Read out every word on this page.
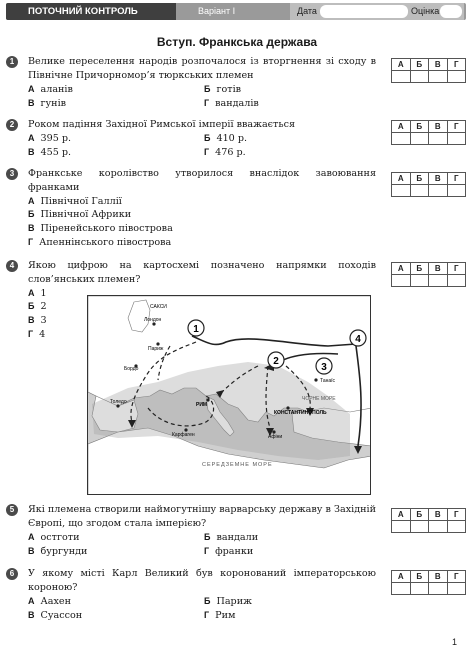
ПОТОЧНИЙ КОНТРОЛЬ	Варіант І	Дата	Оцінка
Вступ. Франкська держава
1	Велике переселення народів розпочалося із вторгнення зі сходу в Північне Причорномор’я тюркських племен
А аланів	Б готів
В гунів	Г вандалів
А	Б	В	Г

2	Роком падіння Західної Римської імперії вважається
А 395 р.	Б 410 р.
В 455 р.	Г 476 р.
А	Б	В	Г

3	Франкське королівство утворилося внаслідок завоювання франками
А Північної Галлії
Б Північної Африки
В Піренейського півострова
Г Апеннінського півострова
А	Б	В	Г

4	Якою цифрою на картосхемі позначено напрямки походів слов’янських племен?
А 1
Б 2
В 3
Г 4
А	Б	В	Г

1
2
3
4
Лондон
САКСИ
Париж
Бордо
Толедо	РИМ
Карфаген
КОНСТАНТИНОПОЛЬ
Афіни
Танаїс
СЕРЕДЗЕМНЕ МОРЕ
ЧОРНЕ МОРЕ
5	Які племена створили наймогутнішу варварську державу в Західній Європі, що згодом стала імперією?
А остготи	Б вандали
В бургунди	Г франки
А	Б	В	Г

6	У якому місті Карл Великий був коронований імператорською короною?
А Аахен	Б Париж
В Суассон	Г Рим
А	Б	В	Г

1
